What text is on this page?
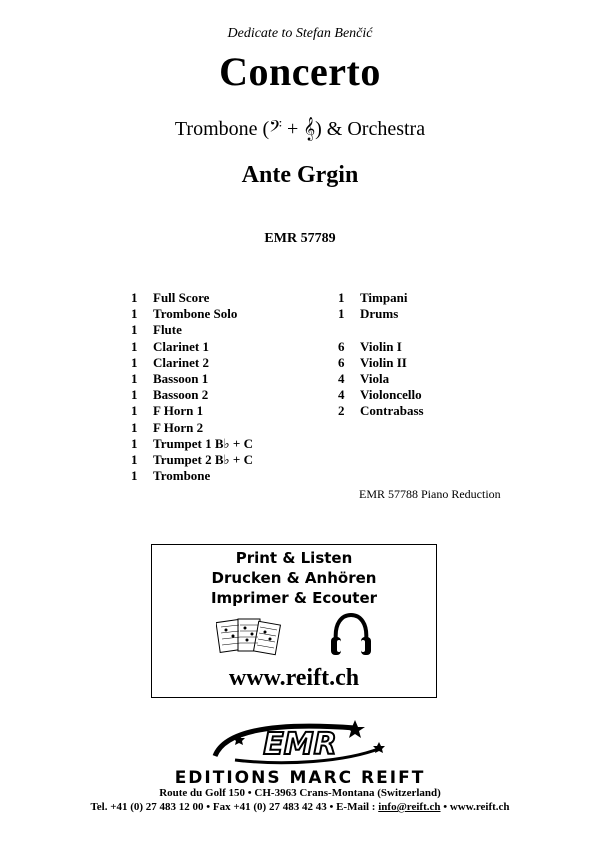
Dedicate to Stefan Benčić
Concerto
Trombone (𝄢 + 𝄞) & Orchestra
Ante Grgin
EMR 57789
1	Full Score
1	Trombone Solo
1	Flute
1	Clarinet 1
1	Clarinet 2
1	Bassoon 1
1	Bassoon 2
1	F Horn 1
1	F Horn 2
1	Trumpet 1 B♭ + C
1	Trumpet 2 B♭ + C
1	Trombone
1	Timpani
1	Drums
6	Violin I
6	Violin II
4	Viola
4	Violoncello
2	Contrabass
EMR 57788 Piano Reduction
Print & Listen
Drucken & Anhören
Imprimer & Ecouter
www.reift.ch
EMR
EDITIONS MARC REIFT
Route du Golf 150 • CH-3963 Crans-Montana (Switzerland)
Tel. +41 (0) 27 483 12 00 • Fax +41 (0) 27 483 42 43 • E-Mail : info@reift.ch • www.reift.ch
